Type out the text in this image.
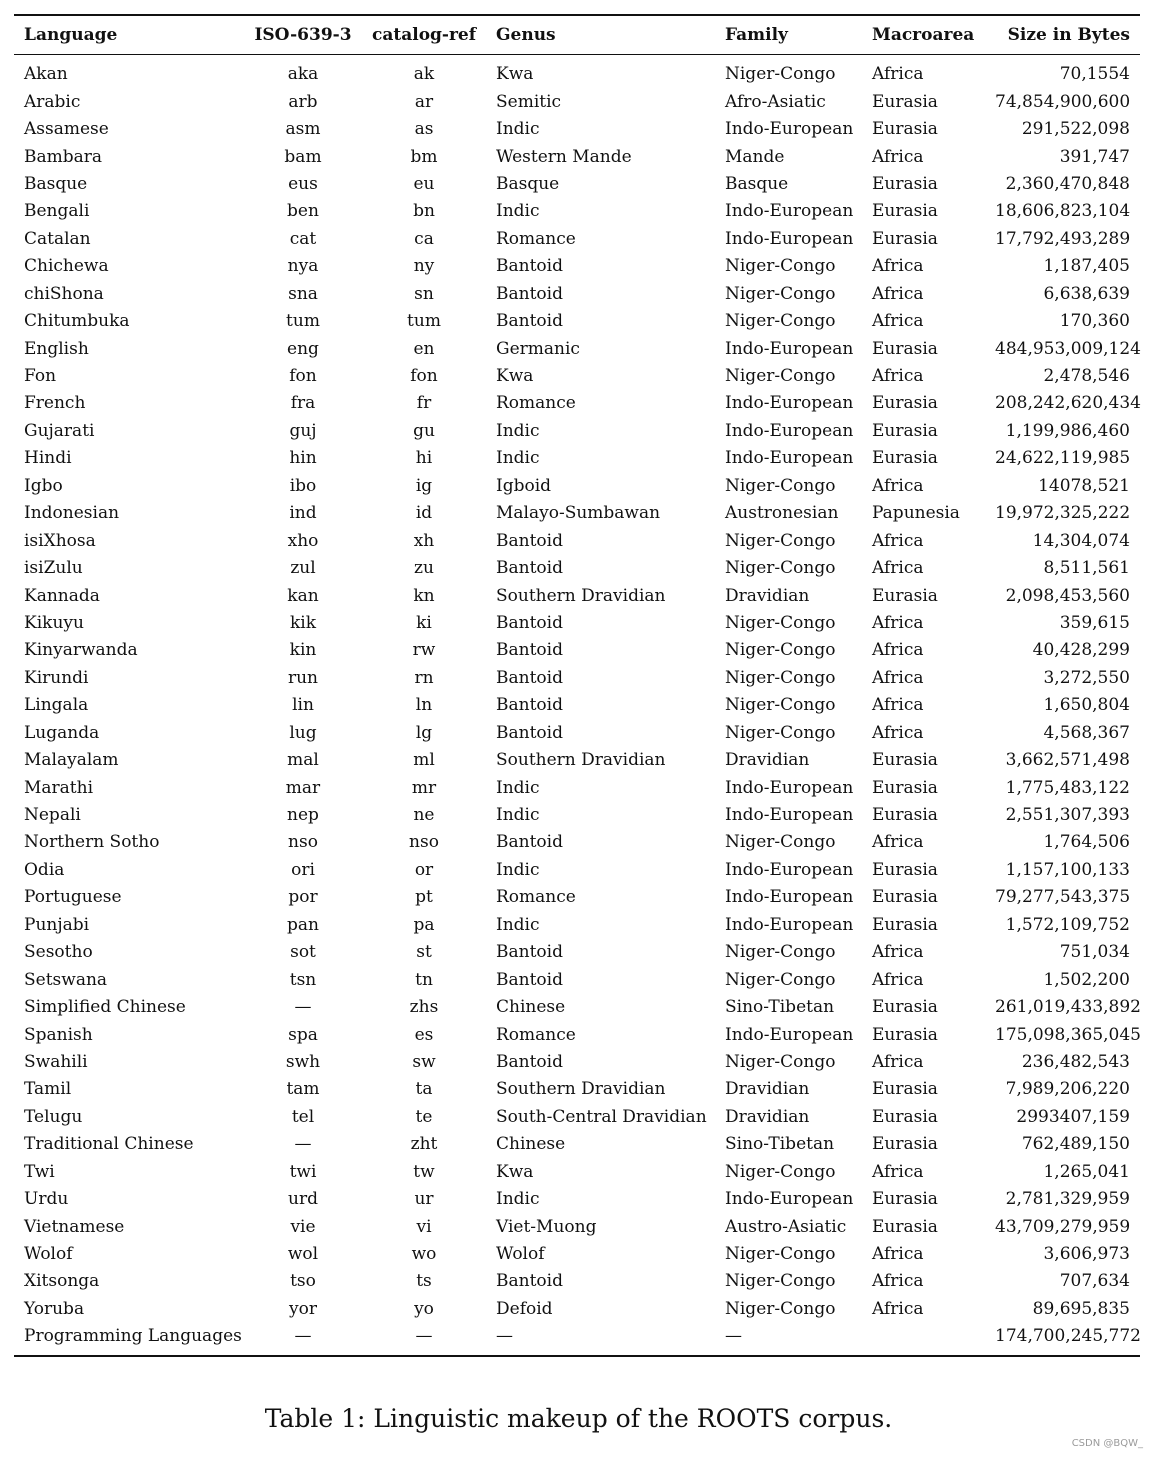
Language	ISO-639-3	catalog-ref	Genus	Family	Macroarea	Size in Bytes
Akan	aka	ak	Kwa	Niger-Congo	Africa	70,1554
Arabic	arb	ar	Semitic	Afro-Asiatic	Eurasia	74,854,900,600
Assamese	asm	as	Indic	Indo-European	Eurasia	291,522,098
Bambara	bam	bm	Western Mande	Mande	Africa	391,747
Basque	eus	eu	Basque	Basque	Eurasia	2,360,470,848
Bengali	ben	bn	Indic	Indo-European	Eurasia	18,606,823,104
Catalan	cat	ca	Romance	Indo-European	Eurasia	17,792,493,289
Chichewa	nya	ny	Bantoid	Niger-Congo	Africa	1,187,405
chiShona	sna	sn	Bantoid	Niger-Congo	Africa	6,638,639
Chitumbuka	tum	tum	Bantoid	Niger-Congo	Africa	170,360
English	eng	en	Germanic	Indo-European	Eurasia	484,953,009,124
Fon	fon	fon	Kwa	Niger-Congo	Africa	2,478,546
French	fra	fr	Romance	Indo-European	Eurasia	208,242,620,434
Gujarati	guj	gu	Indic	Indo-European	Eurasia	1,199,986,460
Hindi	hin	hi	Indic	Indo-European	Eurasia	24,622,119,985
Igbo	ibo	ig	Igboid	Niger-Congo	Africa	14078,521
Indonesian	ind	id	Malayo-Sumbawan	Austronesian	Papunesia	19,972,325,222
isiXhosa	xho	xh	Bantoid	Niger-Congo	Africa	14,304,074
isiZulu	zul	zu	Bantoid	Niger-Congo	Africa	8,511,561
Kannada	kan	kn	Southern Dravidian	Dravidian	Eurasia	2,098,453,560
Kikuyu	kik	ki	Bantoid	Niger-Congo	Africa	359,615
Kinyarwanda	kin	rw	Bantoid	Niger-Congo	Africa	40,428,299
Kirundi	run	rn	Bantoid	Niger-Congo	Africa	3,272,550
Lingala	lin	ln	Bantoid	Niger-Congo	Africa	1,650,804
Luganda	lug	lg	Bantoid	Niger-Congo	Africa	4,568,367
Malayalam	mal	ml	Southern Dravidian	Dravidian	Eurasia	3,662,571,498
Marathi	mar	mr	Indic	Indo-European	Eurasia	1,775,483,122
Nepali	nep	ne	Indic	Indo-European	Eurasia	2,551,307,393
Northern Sotho	nso	nso	Bantoid	Niger-Congo	Africa	1,764,506
Odia	ori	or	Indic	Indo-European	Eurasia	1,157,100,133
Portuguese	por	pt	Romance	Indo-European	Eurasia	79,277,543,375
Punjabi	pan	pa	Indic	Indo-European	Eurasia	1,572,109,752
Sesotho	sot	st	Bantoid	Niger-Congo	Africa	751,034
Setswana	tsn	tn	Bantoid	Niger-Congo	Africa	1,502,200
Simplified Chinese	—	zhs	Chinese	Sino-Tibetan	Eurasia	261,019,433,892
Spanish	spa	es	Romance	Indo-European	Eurasia	175,098,365,045
Swahili	swh	sw	Bantoid	Niger-Congo	Africa	236,482,543
Tamil	tam	ta	Southern Dravidian	Dravidian	Eurasia	7,989,206,220
Telugu	tel	te	South-Central Dravidian	Dravidian	Eurasia	2993407,159
Traditional Chinese	—	zht	Chinese	Sino-Tibetan	Eurasia	762,489,150
Twi	twi	tw	Kwa	Niger-Congo	Africa	1,265,041
Urdu	urd	ur	Indic	Indo-European	Eurasia	2,781,329,959
Vietnamese	vie	vi	Viet-Muong	Austro-Asiatic	Eurasia	43,709,279,959
Wolof	wol	wo	Wolof	Niger-Congo	Africa	3,606,973
Xitsonga	tso	ts	Bantoid	Niger-Congo	Africa	707,634
Yoruba	yor	yo	Defoid	Niger-Congo	Africa	89,695,835
Programming Languages	—	—	—	—		174,700,245,772
Table 1: Linguistic makeup of the ROOTS corpus.
CSDN @BQW_
